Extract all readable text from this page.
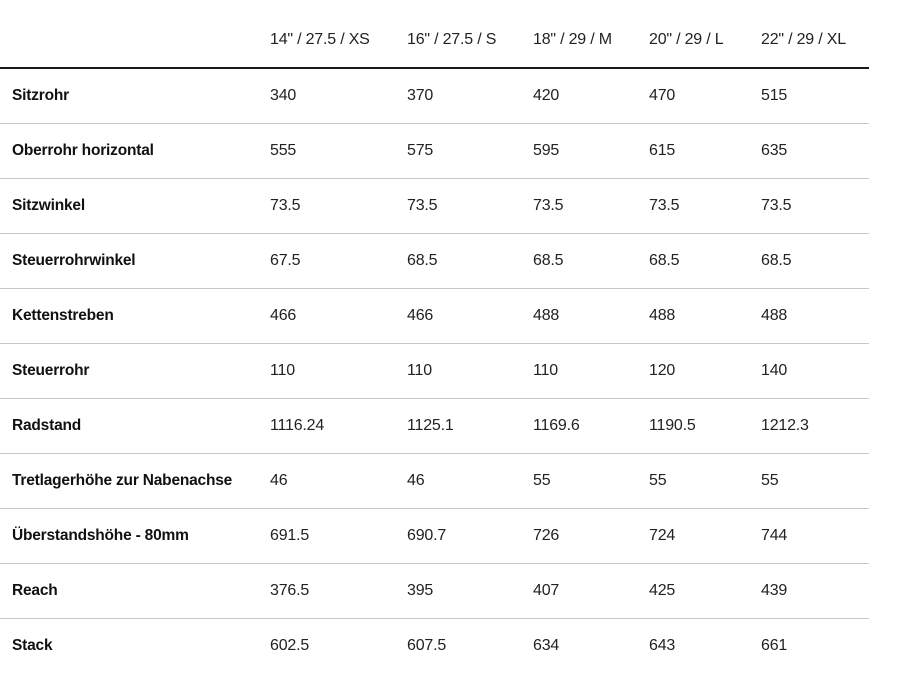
	14" / 27.5 / XS	16" / 27.5 / S	18" / 29 / M	20" / 29 / L	22" / 29 / XL
Sitzrohr	340	370	420	470	515
Oberrohr horizontal	555	575	595	615	635
Sitzwinkel	73.5	73.5	73.5	73.5	73.5
Steuerrohrwinkel	67.5	68.5	68.5	68.5	68.5
Kettenstreben	466	466	488	488	488
Steuerrohr	110	110	110	120	140
Radstand	1116.24	1125.1	1169.6	1190.5	1212.3
Tretlagerhöhe zur Nabenachse	46	46	55	55	55
Überstandshöhe - 80mm	691.5	690.7	726	724	744
Reach	376.5	395	407	425	439
Stack	602.5	607.5	634	643	661
